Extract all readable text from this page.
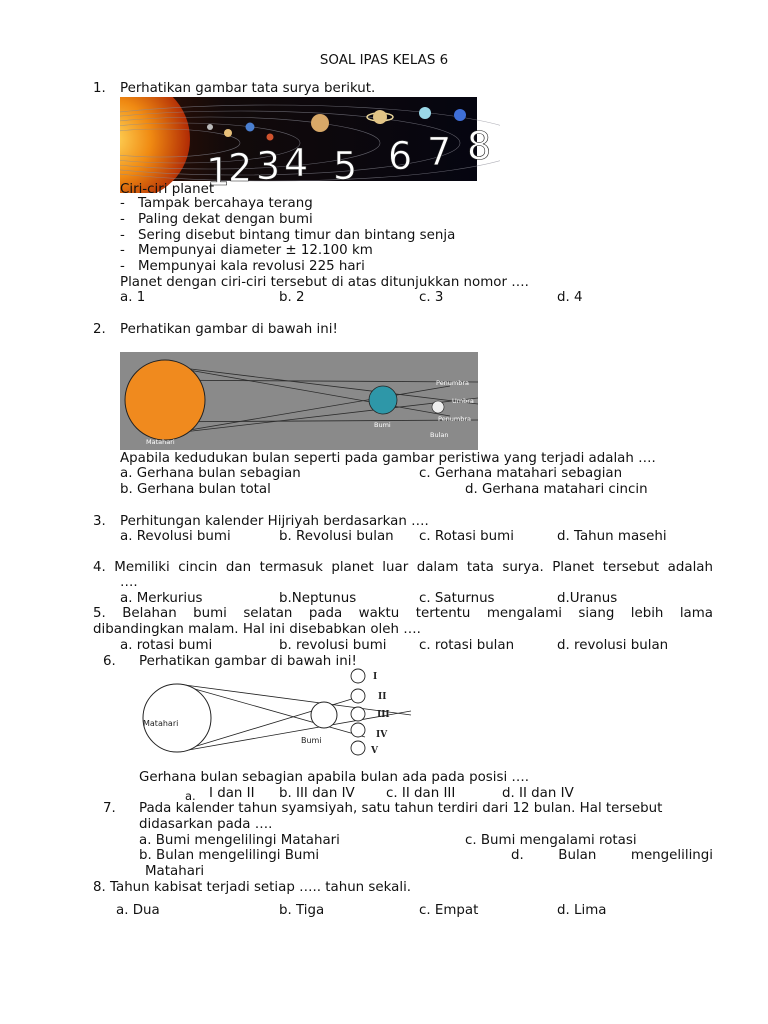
SOAL IPAS KELAS 6
1. Perhatikan gambar tata surya berikut.
1
2 3 4 5 6 7 8
Ciri-ciri planet
- Tampak bercahaya terang
- Paling dekat dengan bumi
- Sering disebut bintang timur dan bintang senja
- Mempunyai diameter ± 12.100 km
- Mempunyai kala revolusi 225 hari
Planet dengan ciri-ciri tersebut di atas ditunjukkan nomor ….
a. 1	b. 2	c. 3	d. 4
2. Perhatikan gambar di bawah ini!
Penumbra
Umbra
Penumbra
Bumi
Bulan
Matahari
Apabila kedudukan bulan seperti pada gambar peristiwa yang terjadi adalah ….
a. Gerhana bulan sebagian	c. Gerhana matahari sebagian
b. Gerhana bulan total	d. Gerhana matahari cincin
3. Perhitungan kalender Hijriyah berdasarkan ….
a. Revolusi bumi	b. Revolusi bulan c. Rotasi bumi	d. Tahun masehi
4. Memiliki cincin dan termasuk planet luar dalam tata surya. Planet tersebut adalah
….
a. Merkurius	b.Neptunus	c. Saturnus	d.Uranus
5. Belahan bumi selatan pada waktu tertentu mengalami siang lebih lama
dibandingkan malam. Hal ini disebabkan oleh ….
a. rotasi bumi	b. revolusi bumi c. rotasi bulan	d. revolusi bulan
6. Perhatikan gambar di bawah ini!
I
II
III
IV
V
Matahari
Bumi
Gerhana bulan sebagian apabila bulan ada pada posisi ….
a. I dan II b. III dan IV c. II dan III	d. II dan IV
7. Pada kalender tahun syamsiyah, satu tahun terdiri dari 12 bulan. Hal tersebut
didasarkan pada ….
a. Bumi mengelilingi Matahari	c. Bumi mengalami rotasi
b. Bulan mengelilingi Bumi	d. Bulan mengelilingi
Matahari
8. Tahun kabisat terjadi setiap ….. tahun sekali.
a. Dua	b. Tiga	c. Empat	d. Lima
